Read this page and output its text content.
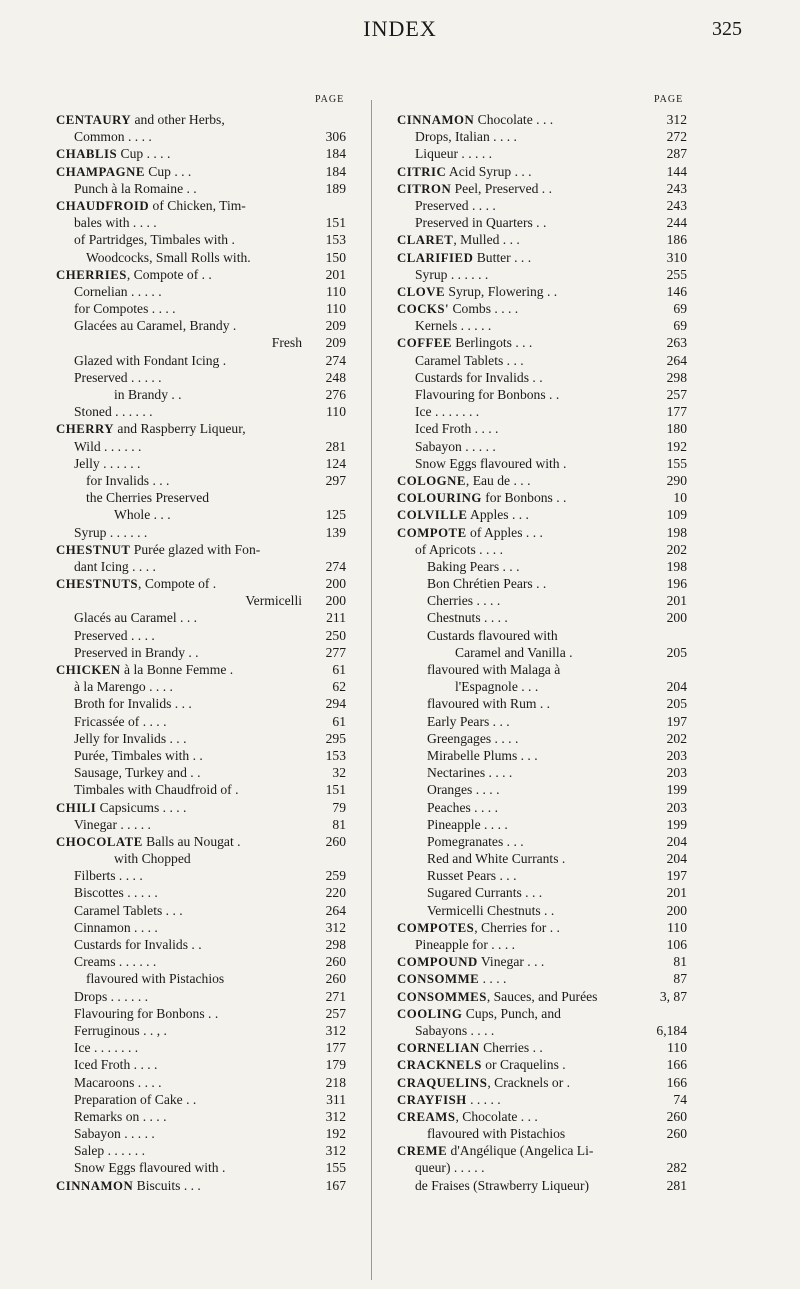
INDEX	325
PAGE	PAGE
CENTAURY and other Herbs,
Common . . . .	306
CHABLIS Cup . . . .	184
CHAMPAGNE Cup . . .	184
Punch à la Romaine . .	189
CHAUDFROID of Chicken, Tim-
bales with . . . .	151
of Partridges, Timbales with .	153
Woodcocks, Small Rolls with.	150
CHERRIES, Compote of . .	201
Cornelian . . . . .	110
for Compotes . . . .	110
Glacées au Caramel, Brandy .	209
Fresh 209
Glazed with Fondant Icing .	274
Preserved . . . . .	248
in Brandy . .	276
Stoned . . . . . .	110
CHERRY and Raspberry Liqueur,
Wild . . . . . .	281
Jelly . . . . . .	124
for Invalids . . .	297
the Cherries Preserved
Whole . . .	125
Syrup . . . . . .	139
CHESTNUT Purée glazed with Fon-
dant Icing . . . .	274
CHESTNUTS, Compote of .	200
Vermicelli 200
Glacés au Caramel . . .	211
Preserved . . . .	250
Preserved in Brandy . .	277
CHICKEN à la Bonne Femme .	61
à la Marengo . . . .	62
Broth for Invalids . . .	294
Fricassée of . . . .	61
Jelly for Invalids . . .	295
Purée, Timbales with . .	153
Sausage, Turkey and . .	32
Timbales with Chaudfroid of .	151
CHILI Capsicums . . . .	79
Vinegar . . . . .	81
CHOCOLATE Balls au Nougat .	260
with Chopped
Filberts . . . .	259
Biscottes . . . . .	220
Caramel Tablets . . .	264
Cinnamon . . . .	312
Custards for Invalids . .	298
Creams . . . . . .	260
flavoured with Pistachios	260
Drops . . . . . .	271
Flavouring for Bonbons . .	257
Ferruginous . . , .	312
Ice . . . . . . .	177
Iced Froth . . . .	179
Macaroons . . . .	218
Preparation of Cake . .	311
Remarks on . . . .	312
Sabayon . . . . .	192
Salep . . . . . .	312
Snow Eggs flavoured with .	155
CINNAMON Biscuits . . .	167
CINNAMON Chocolate . . .	312
Drops, Italian . . . .	272
Liqueur . . . . .	287
CITRIC Acid Syrup . . .	144
CITRON Peel, Preserved . .	243
Preserved . . . .	243
Preserved in Quarters . .	244
CLARET, Mulled . . .	186
CLARIFIED Butter . . .	310
Syrup . . . . . .	255
CLOVE Syrup, Flowering . .	146
COCKS' Combs . . . .	69
Kernels . . . . .	69
COFFEE Berlingots . . .	263
Caramel Tablets . . .	264
Custards for Invalids . .	298
Flavouring for Bonbons . .	257
Ice . . . . . . .	177
Iced Froth . . . .	180
Sabayon . . . . .	192
Snow Eggs flavoured with .	155
COLOGNE, Eau de . . .	290
COLOURING for Bonbons . .	10
COLVILLE Apples . . .	109
COMPOTE of Apples . . .	198
of Apricots . . . .	202
Baking Pears . . .	198
Bon Chrétien Pears . .	196
Cherries . . . .	201
Chestnuts . . . .	200
Custards flavoured with
Caramel and Vanilla .	205
flavoured with Malaga à
l'Espagnole . . .	204
flavoured with Rum . .	205
Early Pears . . .	197
Greengages . . . .	202
Mirabelle Plums . . .	203
Nectarines . . . .	203
Oranges . . . .	199
Peaches . . . .	203
Pineapple . . . .	199
Pomegranates . . .	204
Red and White Currants .	204
Russet Pears . . .	197
Sugared Currants . . .	201
Vermicelli Chestnuts . .	200
COMPOTES, Cherries for . .	110
Pineapple for . . . .	106
COMPOUND Vinegar . . .	81
CONSOMME . . . .	87
CONSOMMES, Sauces, and Purées	3, 87
COOLING Cups, Punch, and
Sabayons . . . .	6,184
CORNELIAN Cherries . .	110
CRACKNELS or Craquelins .	166
CRAQUELINS, Cracknels or .	166
CRAYFISH . . . . .	74
CREAMS, Chocolate . . .	260
flavoured with Pistachios	260
CREME d'Angélique (Angelica Li-
queur) . . . . .	282
de Fraises (Strawberry Liqueur)	281
